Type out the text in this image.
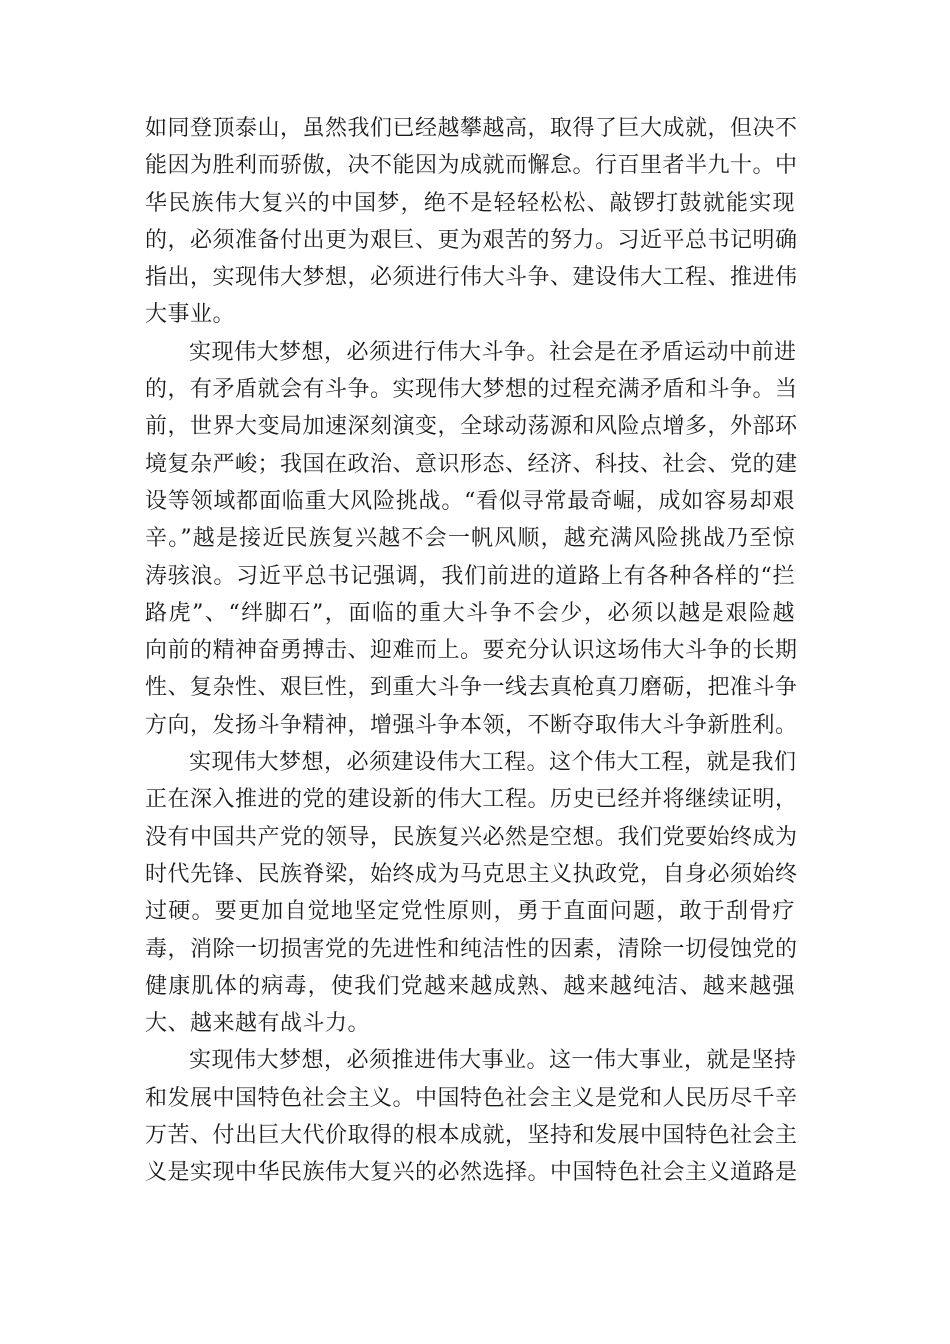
如同登顶泰山，虽然我们已经越攀越高，取得了巨大成就，但决不
能因为胜利而骄傲，决不能因为成就而懈怠。行百里者半九十。中
华民族伟大复兴的中国梦，绝不是轻轻松松、敲锣打鼓就能实现
的，必须准备付出更为艰巨、更为艰苦的努力。习近平总书记明确
指出，实现伟大梦想，必须进行伟大斗争、建设伟大工程、推进伟
大事业。
实现伟大梦想，必须进行伟大斗争。社会是在矛盾运动中前进
的，有矛盾就会有斗争。实现伟大梦想的过程充满矛盾和斗争。当
前，世界大变局加速深刻演变，全球动荡源和风险点增多，外部环
境复杂严峻；我国在政治、意识形态、经济、科技、社会、党的建
设等领域都面临重大风险挑战。“看似寻常最奇崛，成如容易却艰
辛。”越是接近民族复兴越不会一帆风顺，越充满风险挑战乃至惊
涛骇浪。习近平总书记强调，我们前进的道路上有各种各样的“拦
路虎”、“绊脚石”，面临的重大斗争不会少，必须以越是艰险越
向前的精神奋勇搏击、迎难而上。要充分认识这场伟大斗争的长期
性、复杂性、艰巨性，到重大斗争一线去真枪真刀磨砺，把准斗争
方向，发扬斗争精神，增强斗争本领，不断夺取伟大斗争新胜利。
实现伟大梦想，必须建设伟大工程。这个伟大工程，就是我们
正在深入推进的党的建设新的伟大工程。历史已经并将继续证明，
没有中国共产党的领导，民族复兴必然是空想。我们党要始终成为
时代先锋、民族脊梁，始终成为马克思主义执政党，自身必须始终
过硬。要更加自觉地坚定党性原则，勇于直面问题，敢于刮骨疗
毒，消除一切损害党的先进性和纯洁性的因素，清除一切侵蚀党的
健康肌体的病毒，使我们党越来越成熟、越来越纯洁、越来越强
大、越来越有战斗力。
实现伟大梦想，必须推进伟大事业。这一伟大事业，就是坚持
和发展中国特色社会主义。中国特色社会主义是党和人民历尽千辛
万苦、付出巨大代价取得的根本成就，坚持和发展中国特色社会主
义是实现中华民族伟大复兴的必然选择。中国特色社会主义道路是
